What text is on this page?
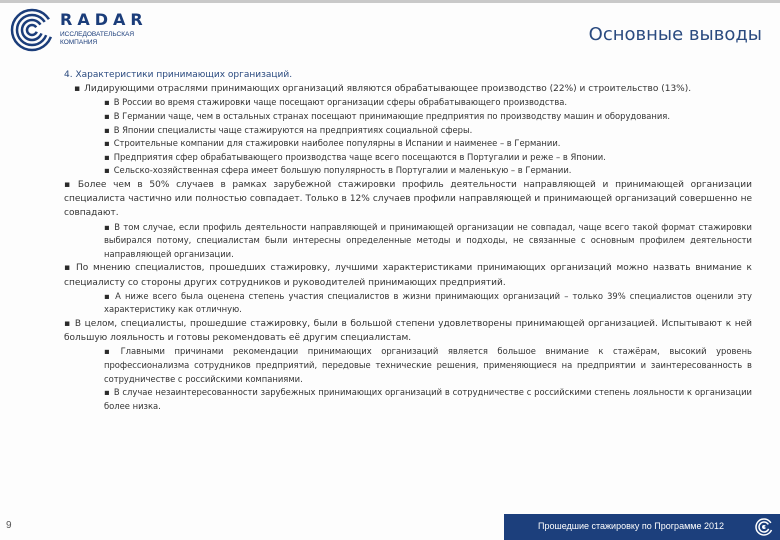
RADAR
ИССЛЕДОВАТЕЛЬСКАЯ КОМПАНИЯ	Основные выводы

4. Характеристики принимающих организаций.

▪ Лидирующими отраслями принимающих организаций являются обрабатывающее производство (22%) и строительство (13%).

▪ В России во время стажировки чаще посещают организации сферы обрабатывающего производства.

▪ В Германии чаще, чем в остальных странах посещают принимающие предприятия по производству машин и оборудования.

▪ В Японии специалисты чаще стажируются на предприятиях социальной сферы.

▪ Строительные компании для стажировки наиболее популярны в Испании и наименее – в Германии.

▪ Предприятия сфер обрабатывающего производства чаще всего посещаются в Португалии и реже – в Японии.

▪ Сельско-хозяйственная сфера имеет большую популярность в Португалии и маленькую – в Германии.

▪ Более чем в 50% случаев в рамках зарубежной стажировки профиль деятельности направляющей и принимающей организации специалиста частично или полностью совпадает. Только в 12% случаев профили направляющей и принимающей организаций совершенно не совпадают.

▪ В том случае, если профиль деятельности направляющей и принимающей организации не совпадал, чаще всего такой формат стажировки выбирался потому, специалистам были интересны определенные методы и подходы, не связанные с основным профилем деятельности направляющей организации.

▪ По мнению специалистов, прошедших стажировку, лучшими характеристиками принимающих организаций можно назвать внимание к специалисту со стороны других сотрудников и руководителей принимающих предприятий.

▪ А ниже всего была оценена степень участия специалистов в жизни принимающих организаций – только 39% специалистов оценили эту характеристику как отличную.

▪ В целом, специалисты, прошедшие стажировку, были в большой степени удовлетворены принимающей организацией. Испытывают к ней большую лояльность и готовы рекомендовать её другим специалистам.

▪ Главными причинами рекомендации принимающих организаций является большое внимание к стажёрам, высокий уровень профессионализма сотрудников предприятий, передовые технические решения, применяющиеся на предприятии и заинтересованность в сотрудничестве с российскими компаниями.

▪ В случае незаинтересованности зарубежных принимающих организаций в сотрудничестве с российскими степень лояльности к организации более низка.

9	Прошедшие стажировку по Программе 2012
